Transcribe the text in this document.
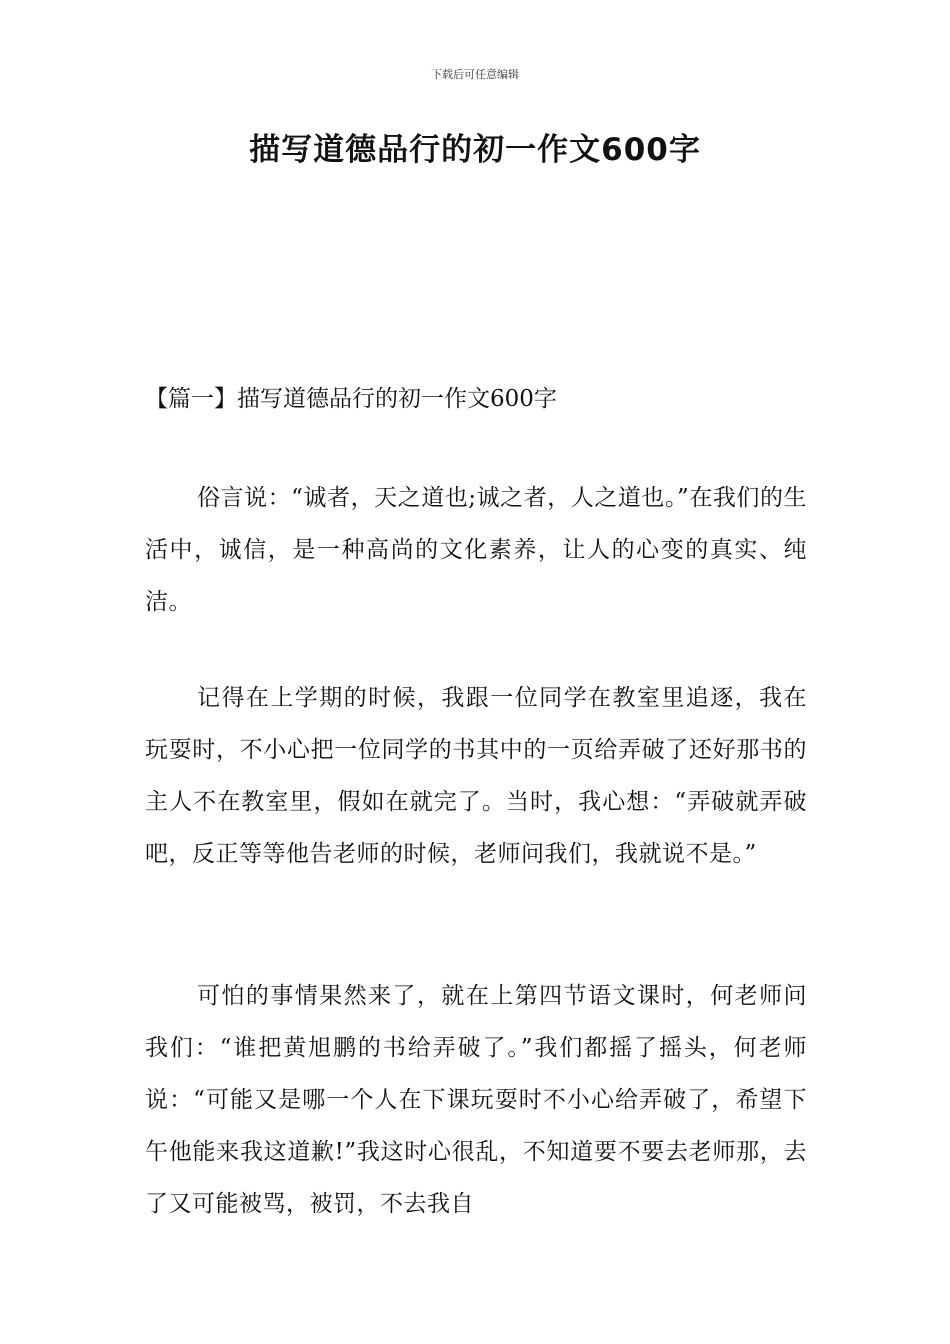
下载后可任意编辑
描写道德品行的初一作文600字
【篇一】描写道德品行的初一作文600字

俗言说：“诚者，天之道也;诚之者，人之道也。”在我们的生活中，诚信，是一种高尚的文化素养，让人的心变的真实、纯洁。

记得在上学期的时候，我跟一位同学在教室里追逐，我在玩耍时，不小心把一位同学的书其中的一页给弄破了还好那书的主人不在教室里，假如在就完了。当时，我心想：“弄破就弄破吧，反正等等他告老师的时候，老师问我们，我就说不是。”

可怕的事情果然来了，就在上第四节语文课时，何老师问我们：“谁把黄旭鹏的书给弄破了。”我们都摇了摇头，何老师说：“可能又是哪一个人在下课玩耍时不小心给弄破了，希望下午他能来我这道歉!”我这时心很乱，不知道要不要去老师那，去了又可能被骂，被罚，不去我自
